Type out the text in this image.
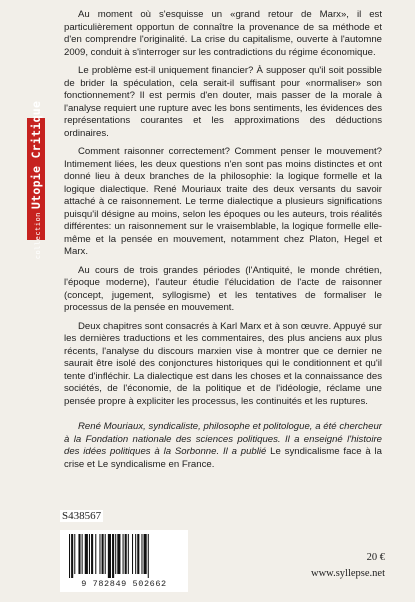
collectionUtopie Critique

Au moment où s'esquisse un «grand retour de Marx», il est particulièrement opportun de connaître la provenance de sa méthode et d'en comprendre l'originalité. La crise du capitalisme, ouverte à l'automne 2009, conduit à s'interroger sur les contradictions du régime économique.

Le problème est-il uniquement financier? À supposer qu'il soit possible de brider la spéculation, cela serait-il suffisant pour «normaliser» son fonctionnement? Il est permis d'en douter, mais passer de la morale à l'analyse requiert une rupture avec les bons sentiments, les évidences des représentations courantes et les approximations des déductions ordinaires.

Comment raisonner correctement? Comment penser le mouvement? Intimement liées, les deux questions n'en sont pas moins distinctes et ont donné lieu à deux branches de la philosophie: la logique formelle et la logique dialectique. René Mouriaux traite des deux versants du savoir attaché à ce raisonnement. Le terme dialectique a plusieurs significations puisqu'il désigne au moins, selon les époques ou les auteurs, trois réalités différentes: un raisonnement sur le vraisemblable, la logique formelle elle-même et la pensée en mouvement, notamment chez Platon, Hegel et Marx.

Au cours de trois grandes périodes (l'Antiquité, le monde chrétien, l'époque moderne), l'auteur étudie l'élucidation de l'acte de raisonner (concept, jugement, syllogisme) et les tentatives de formaliser le processus de la pensée en mouvement.

Deux chapitres sont consacrés à Karl Marx et à son œuvre. Appuyé sur les dernières traductions et les commentaires, des plus anciens aux plus récents, l'analyse du discours marxien vise à montrer que ce dernier ne saurait être isolé des conjonctures historiques qui le conditionnent et qu'il tente d'infléchir. La dialectique est dans les choses et la connaissance des sociétés, de l'économie, de la politique et de l'idéologie, réclame une pensée propre à expliciter les processus, les continuités et les ruptures.

René Mouriaux, syndicaliste, philosophe et politologue, a été chercheur à la Fondation nationale des sciences politiques. Il a enseigné l'histoire des idées politiques à la Sorbonne. Il a publié Le syndicalisme face à la crise et Le syndicalisme en France.

S438567
9 782849 502662
20 €
www.syllepse.net
